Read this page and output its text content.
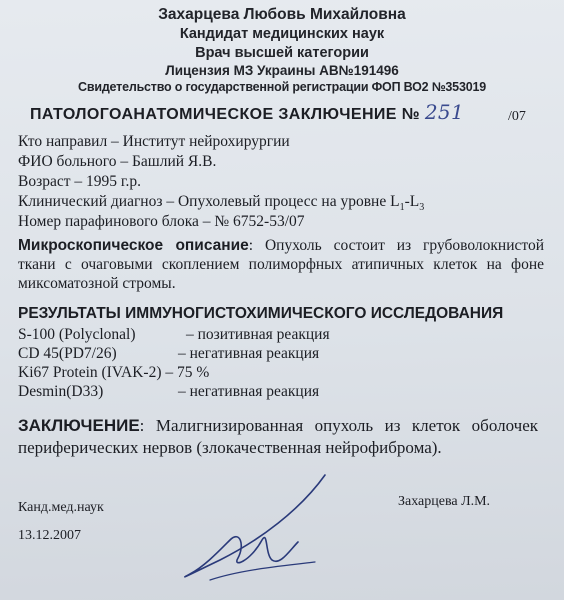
Захарцева Любовь Михайловна
Кандидат медицинских наук
Врач высшей категории
Лицензия МЗ Украины АВ№191496
Свидетельство о государственной регистрации ФОП ВО2 №353019
ПАТОЛОГОАНАТОМИЧЕСКОЕ ЗАКЛЮЧЕНИЕ № 251	/07
Кто направил – Институт нейрохирургии
ФИО больного – Башлий Я.В.
Возраст – 1995 г.р.
Клинический диагноз – Опухолевый процесс на уровне $L_1-L_3$
Номер парафинового блока – № 6752-53/07
Микроскопическое описание: Опухоль состоит из грубоволокнистой ткани с очаговыми скоплением полиморфных атипичных клеток на фоне миксоматозной стромы.
РЕЗУЛЬТАТЫ ИММУНОГИСТОХИМИЧЕСКОГО ИССЛЕДОВАНИЯ
S-100 (Polyclonal)	– позитивная реакция
CD 45(PD7/26)	– негативная реакция
Ki67 Protein (IVAK-2) – 75 %
Desmin(D33)	– негативная реакция
ЗАКЛЮЧЕНИЕ: Малигнизированная опухоль из клеток оболочек периферических нервов (злокачественная нейрофиброма).
Канд.мед.наук	Захарцева Л.М.
13.12.2007
